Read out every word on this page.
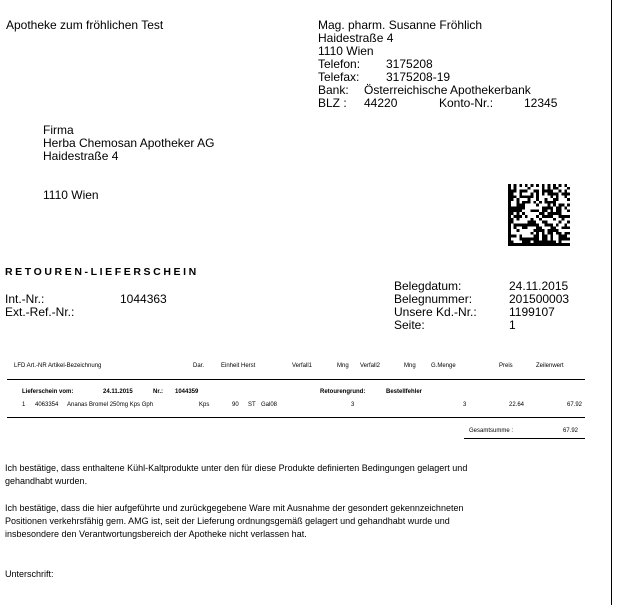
Apotheke zum fröhlichen Test	Mag. pharm. Susanne Fröhlich
Haidestraße 4
1110 Wien
Telefon: 3175208
Telefax: 3175208-19
Bank: Österreichische Apothekerbank
BLZ : 44220	Konto-Nr.:	12345
Firma
Herba Chemosan Apotheker AG
Haidestraße 4
1110 Wien
RETOUREN-LIEFERSCHEIN
Int.-Nr.:	1044363
Ext.-Ref.-Nr.:
Belegdatum:	24.11.2015
Belegnummer:	201500003
Unsere Kd.-Nr.:	1199107
Seite:	1
LFD Art.-NR Artikel-Bezeichnung	Dar.	Einheit Herst	Verfall1	Mng Verfall2	Mng	G.Menge	Preis	Zeilenwert
Lieferschein vom:	24.11.2015	Nr.: 1044359	Retourengrund:	Bestellfehler
1 4063354 Ananas Bromel 250mg Kps Gph	Kps	90 ST Gal08	3	3	22.64	67.92
Gesamtsumme :	67.92
Ich bestätige, dass enthaltene Kühl-Kaltprodukte unter den für diese Produkte definierten Bedingungen gelagert und
gehandhabt wurden.
Ich bestätige, dass die hier aufgeführte und zurückgegebene Ware mit Ausnahme der gesondert gekennzeichneten
Positionen verkehrsfähig gem. AMG ist, seit der Lieferung ordnungsgemäß gelagert und gehandhabt wurde und
insbesondere den Verantwortungsbereich der Apotheke nicht verlassen hat.
Unterschrift:
